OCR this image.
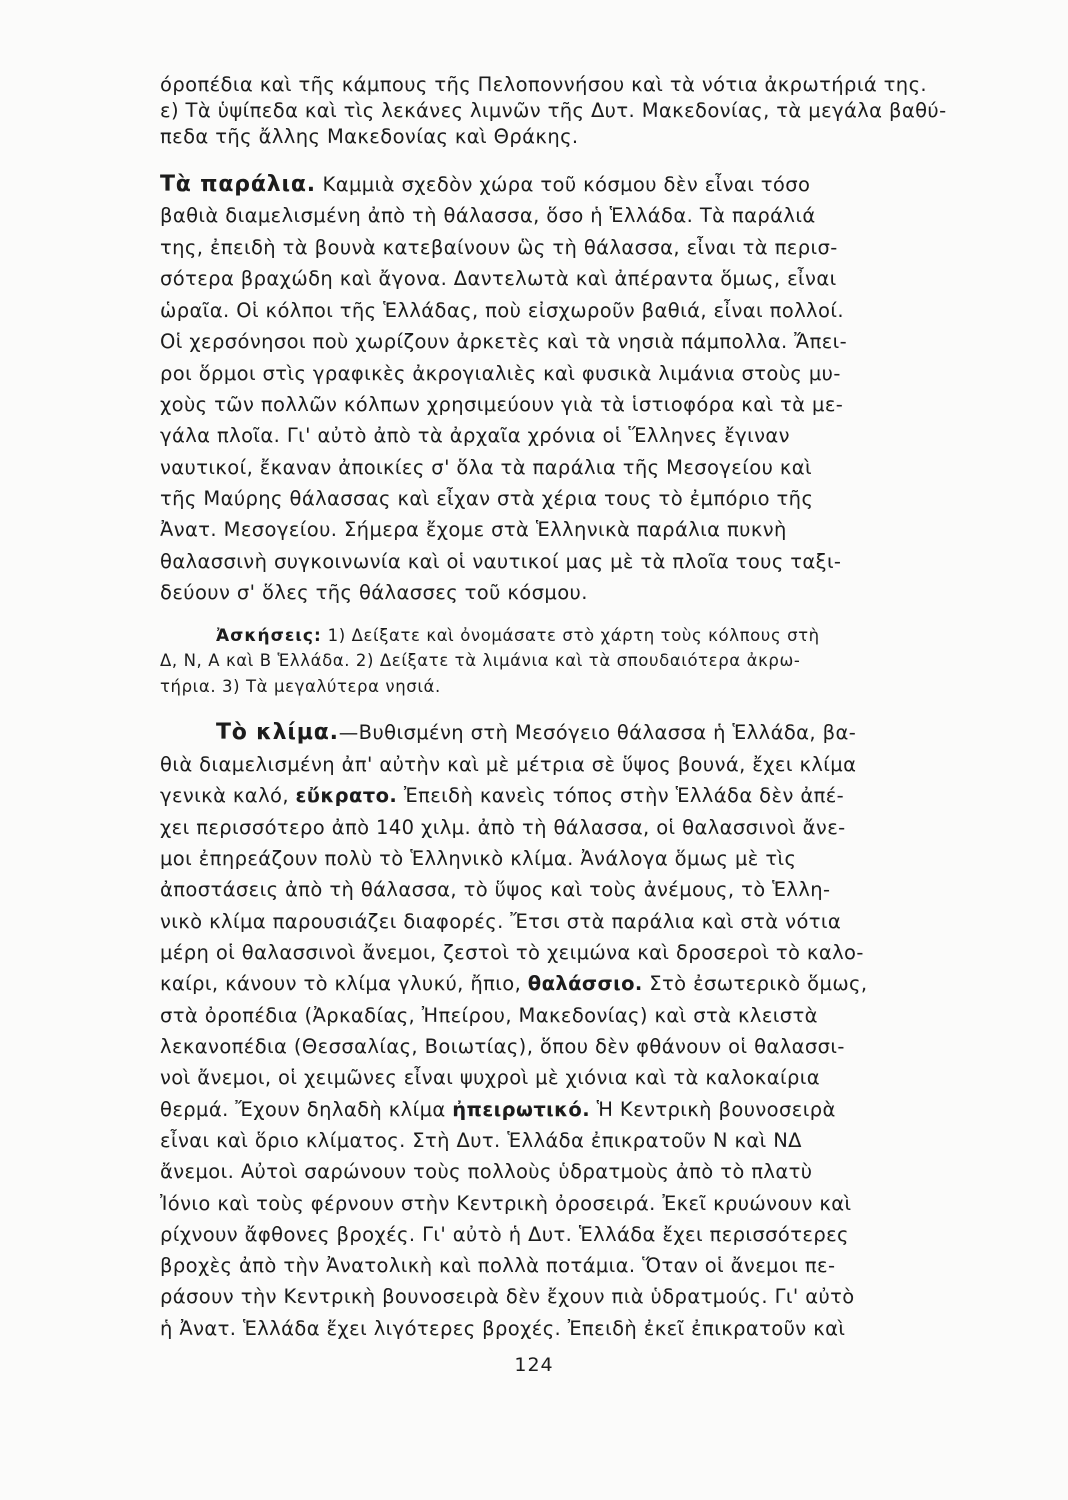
όροπέδια καὶ τῆς κάμπους τῆς Πελοποννήσου καὶ τὰ νότια ἀκρωτήριά της.
ε) Τὰ ὑψίπεδα καὶ τὶς λεκάνες λιμνῶν τῆς Δυτ. Μακεδονίας, τὰ μεγάλα βαθύ-
πεδα τῆς ἄλλης Μακεδονίας καὶ Θράκης.
Τὰ παράλια. Καμμιὰ σχεδὸν χώρα τοῦ κόσμου δὲν εἶναι τόσο
βαθιὰ διαμελισμένη ἀπὸ τὴ θάλασσα, ὅσο ἡ Ἑλλάδα. Τὰ παράλιά
της, ἐπειδὴ τὰ βουνὰ κατεβαίνουν ὣς τὴ θάλασσα, εἶναι τὰ περισ-
σότερα βραχώδη καὶ ἄγονα. Δαντελωτὰ καὶ ἀπέραντα ὅμως, εἶναι
ὡραῖα. Οἱ κόλποι τῆς Ἑλλάδας, ποὺ εἰσχωροῦν βαθιά, εἶναι πολλοί.
Οἱ χερσόνησοι ποὺ χωρίζουν ἀρκετὲς καὶ τὰ νησιὰ πάμπολλα. Ἄπει-
ροι ὅρμοι στὶς γραφικὲς ἀκρογιαλιὲς καὶ φυσικὰ λιμάνια στοὺς μυ-
χοὺς τῶν πολλῶν κόλπων χρησιμεύουν γιὰ τὰ ἱστιοφόρα καὶ τὰ με-
γάλα πλοῖα. Γι' αὐτὸ ἀπὸ τὰ ἀρχαῖα χρόνια οἱ Ἕλληνες ἔγιναν
ναυτικοί, ἔκαναν ἀποικίες σ' ὅλα τὰ παράλια τῆς Μεσογείου καὶ
τῆς Μαύρης θάλασσας καὶ εἶχαν στὰ χέρια τους τὸ ἐμπόριο τῆς
Ἀνατ. Μεσογείου. Σήμερα ἔχομε στὰ Ἑλληνικὰ παράλια πυκνὴ
θαλασσινὴ συγκοινωνία καὶ οἱ ναυτικοί μας μὲ τὰ πλοῖα τους ταξι-
δεύουν σ' ὅλες τῆς θάλασσες τοῦ κόσμου.
Ἀσκήσεις: 1) Δείξατε καὶ ὀνομάσατε στὸ χάρτη τοὺς κόλπους στὴ
Δ, Ν, Α καὶ Β Ἑλλάδα. 2) Δείξατε τὰ λιμάνια καὶ τὰ σπουδαιότερα ἀκρω-
τήρια. 3) Τὰ μεγαλύτερα νησιά.
Τὸ κλίμα.—Βυθισμένη στὴ Μεσόγειο θάλασσα ἡ Ἑλλάδα, βα-
θιὰ διαμελισμένη ἀπ' αὐτὴν καὶ μὲ μέτρια σὲ ὕψος βουνά, ἔχει κλίμα
γενικὰ καλό, εὔκρατο. Ἐπειδὴ κανεὶς τόπος στὴν Ἑλλάδα δὲν ἀπέ-
χει περισσότερο ἀπὸ 140 χιλμ. ἀπὸ τὴ θάλασσα, οἱ θαλασσινοὶ ἄνε-
μοι ἐπηρεάζουν πολὺ τὸ Ἑλληνικὸ κλίμα. Ἀνάλογα ὅμως μὲ τὶς
ἀποστάσεις ἀπὸ τὴ θάλασσα, τὸ ὕψος καὶ τοὺς ἀνέμους, τὸ Ἑλλη-
νικὸ κλίμα παρουσιάζει διαφορές. Ἔτσι στὰ παράλια καὶ στὰ νότια
μέρη οἱ θαλασσινοὶ ἄνεμοι, ζεστοὶ τὸ χειμώνα καὶ δροσεροὶ τὸ καλο-
καίρι, κάνουν τὸ κλίμα γλυκύ, ἤπιο, θαλάσσιο. Στὸ ἐσωτερικὸ ὅμως,
στὰ ὀροπέδια (Ἀρκαδίας, Ἠπείρου, Μακεδονίας) καὶ στὰ κλειστὰ
λεκανοπέδια (Θεσσαλίας, Βοιωτίας), ὅπου δὲν φθάνουν οἱ θαλασσι-
νοὶ ἄνεμοι, οἱ χειμῶνες εἶναι ψυχροὶ μὲ χιόνια καὶ τὰ καλοκαίρια
θερμά. Ἔχουν δηλαδὴ κλίμα ἠπειρωτικό. Ἡ Κεντρικὴ βουνοσειρὰ
εἶναι καὶ ὅριο κλίματος. Στὴ Δυτ. Ἑλλάδα ἐπικρατοῦν Ν καὶ ΝΔ
ἄνεμοι. Αὐτοὶ σαρώνουν τοὺς πολλοὺς ὑδρατμοὺς ἀπὸ τὸ πλατὺ
Ἰόνιο καὶ τοὺς φέρνουν στὴν Κεντρικὴ ὀροσειρά. Ἐκεῖ κρυώνουν καὶ
ρίχνουν ἄφθονες βροχές. Γι' αὐτὸ ἡ Δυτ. Ἑλλάδα ἔχει περισσότερες
βροχὲς ἀπὸ τὴν Ἀνατολικὴ καὶ πολλὰ ποτάμια. Ὅταν οἱ ἄνεμοι πε-
ράσουν τὴν Κεντρικὴ βουνοσειρὰ δὲν ἔχουν πιὰ ὑδρατμούς. Γι' αὐτὸ
ἡ Ἀνατ. Ἑλλάδα ἔχει λιγότερες βροχές. Ἐπειδὴ ἐκεῖ ἐπικρατοῦν καὶ
124
